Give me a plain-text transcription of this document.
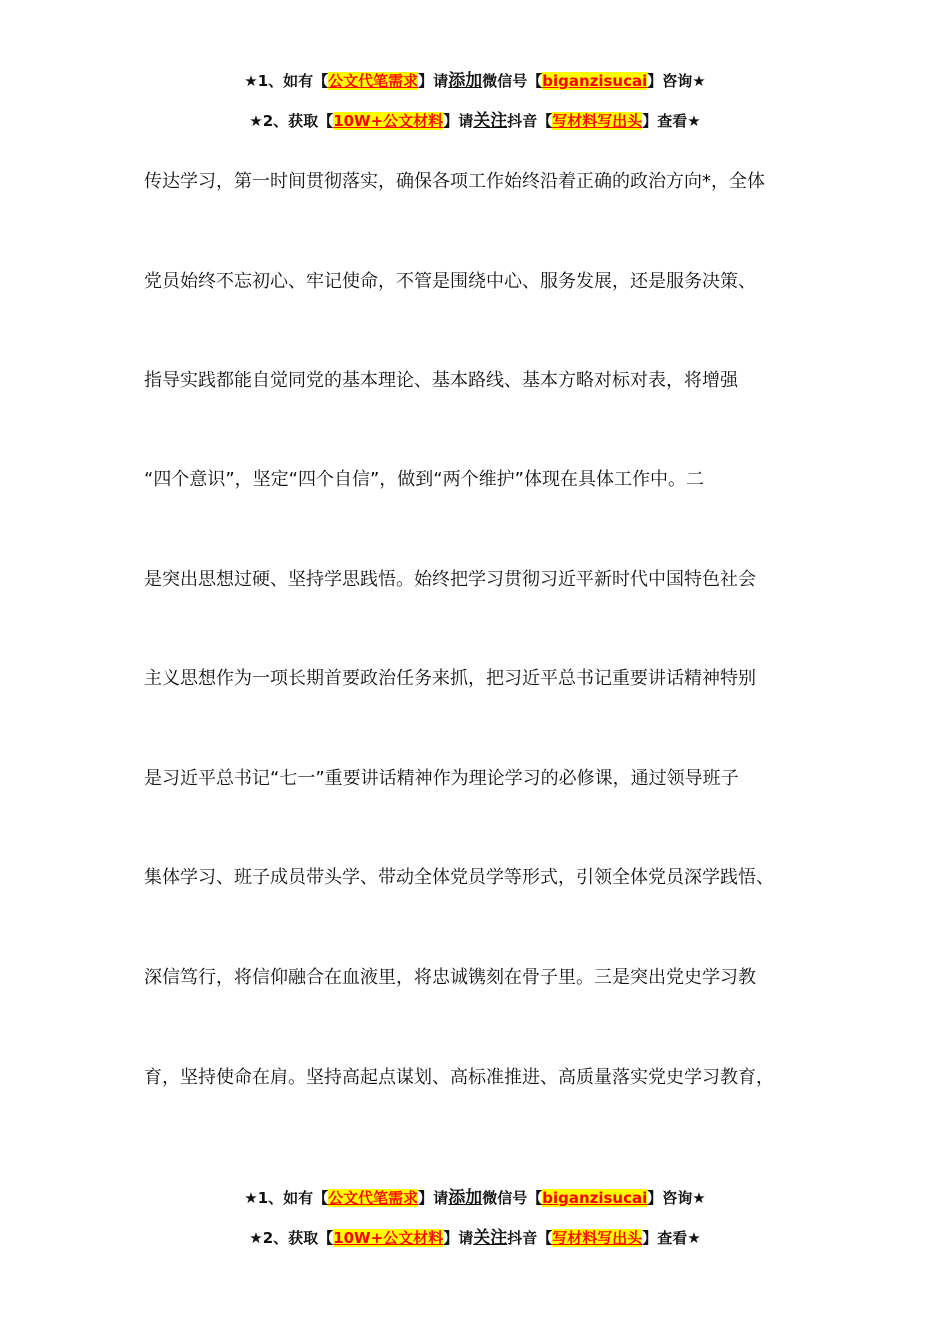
★1、如有【公文代笔需求】请添加微信号【biganzisucai】咨询★
★2、获取【10W+公文材料】请关注抖音【写材料写出头】查看★
传达学习，第一时间贯彻落实，确保各项工作始终沿着正确的政治方向*，全体
党员始终不忘初心、牢记使命，不管是围绕中心、服务发展，还是服务决策、
指导实践都能自觉同党的基本理论、基本路线、基本方略对标对表，将增强
“四个意识”，坚定“四个自信”，做到“两个维护”体现在具体工作中。二
是突出思想过硬、坚持学思践悟。始终把学习贯彻习近平新时代中国特色社会
主义思想作为一项长期首要政治任务来抓，把习近平总书记重要讲话精神特别
是习近平总书记“七一”重要讲话精神作为理论学习的必修课，通过领导班子
集体学习、班子成员带头学、带动全体党员学等形式，引领全体党员深学践悟、
深信笃行，将信仰融合在血液里，将忠诚镌刻在骨子里。三是突出党史学习教
育，坚持使命在肩。坚持高起点谋划、高标准推进、高质量落实党史学习教育，
★1、如有【公文代笔需求】请添加微信号【biganzisucai】咨询★
★2、获取【10W+公文材料】请关注抖音【写材料写出头】查看★
